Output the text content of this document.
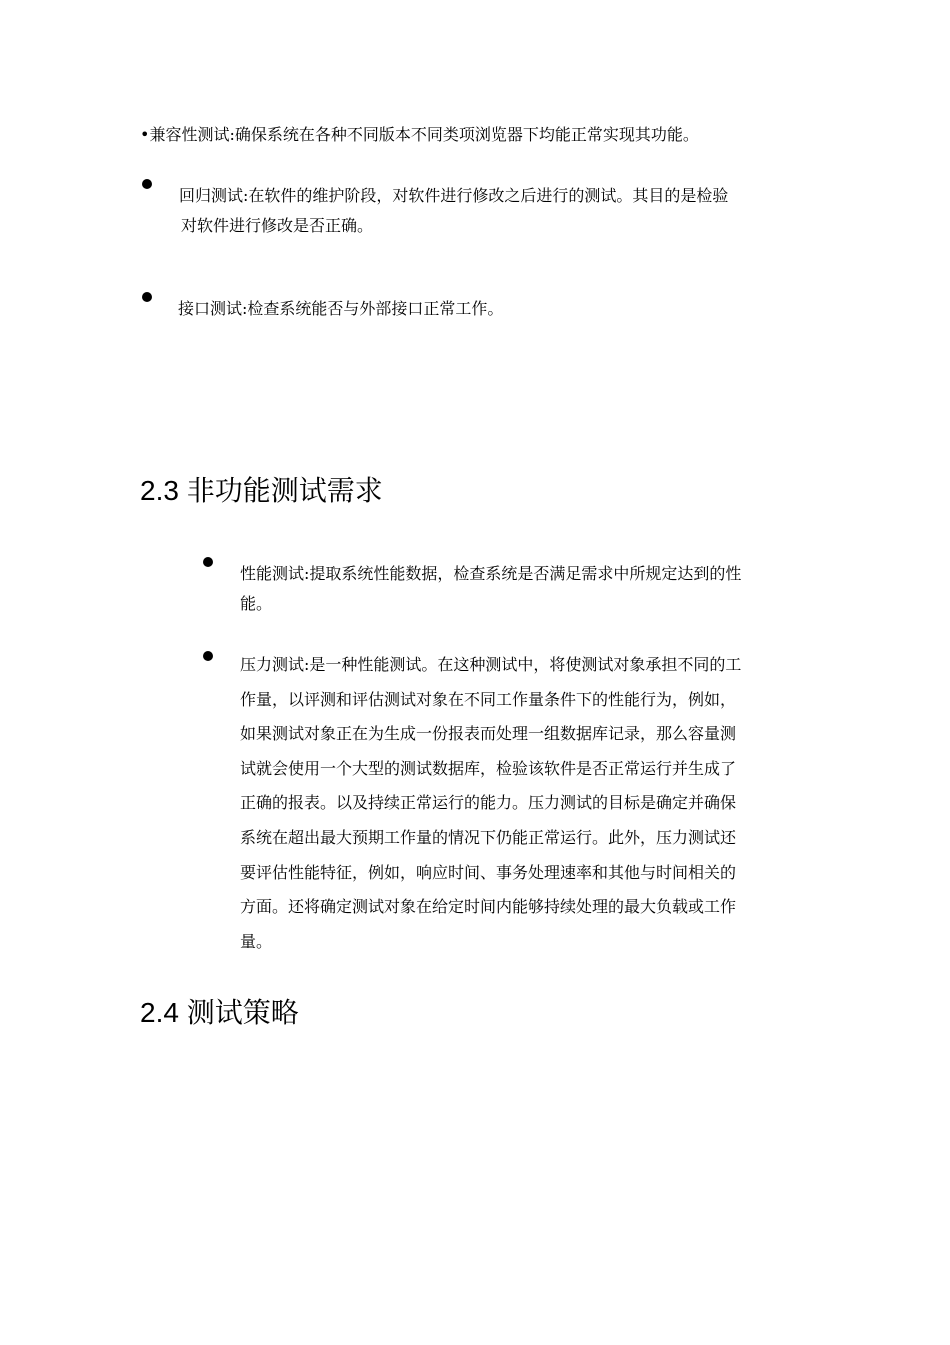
•兼容性测试:确保系统在各种不同版本不同类项浏览器下均能正常实现其功能。
回归测试:在软件的维护阶段，对软件进行修改之后进行的测试。其目的是检验
对软件进行修改是否正确。
接口测试:检查系统能否与外部接口正常工作。
2.3 非功能测试需求
性能测试:提取系统性能数据，检查系统是否满足需求中所规定达到的性
能。
压力测试:是一种性能测试。在这种测试中，将使测试对象承担不同的工
作量，以评测和评估测试对象在不同工作量条件下的性能行为，例如，
如果测试对象正在为生成一份报表而处理一组数据库记录，那么容量测
试就会使用一个大型的测试数据库，检验该软件是否正常运行并生成了
正确的报表。以及持续正常运行的能力。压力测试的目标是确定并确保
系统在超出最大预期工作量的情况下仍能正常运行。此外，压力测试还
要评估性能特征，例如，响应时间、事务处理速率和其他与时间相关的
方面。还将确定测试对象在给定时间内能够持续处理的最大负载或工作
量。
2.4 测试策略
